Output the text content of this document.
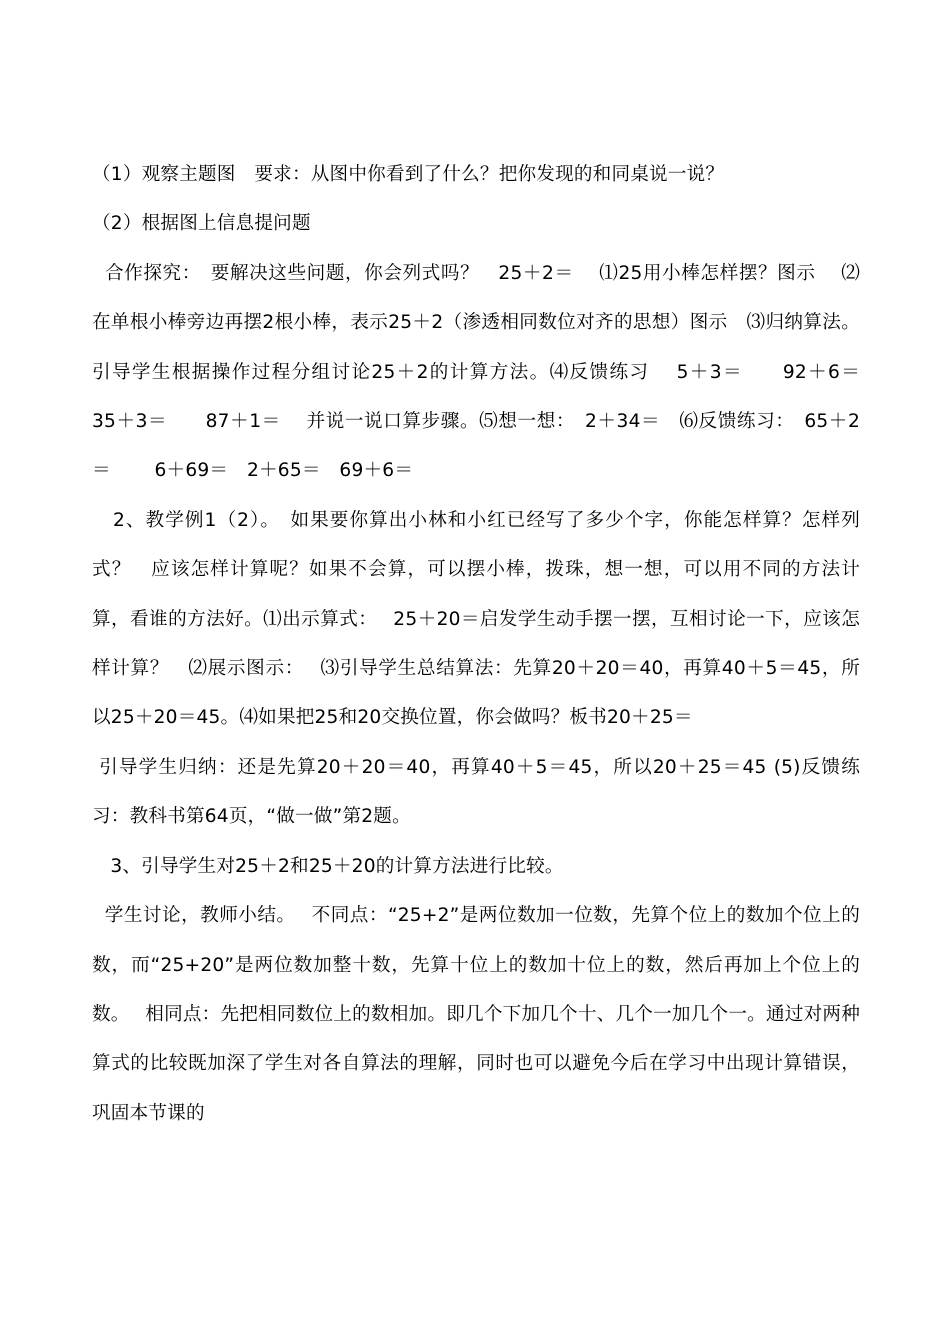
（1）观察主题图　要求：从图中你看到了什么？把你发现的和同桌说一说？

（2）根据图上信息提问题

合作探究：　要解决这些问题，你会列式吗？　25＋2＝　 ⑴25用小棒怎样摆？图示　 ⑵在单根小棒旁边再摆2根小棒，表示25＋2（渗透相同数位对齐的思想）图示　⑶归纳算法。引导学生根据操作过程分组讨论25＋2的计算方法。⑷反馈练习　 5＋3＝　　92＋6＝　　35＋3＝　　87＋1＝　 并说一说口算步骤。⑸想一想：　2＋34＝　⑹反馈练习：　65＋2＝　　 6＋69＝　2＋65＝　69＋6＝

2、教学例1（2）。　如果要你算出小林和小红已经写了多少个字，你能怎样算？怎样列式？　应该怎样计算呢？如果不会算，可以摆小棒，拨珠，想一想，可以用不同的方法计算，看谁的方法好。⑴出示算式：　 25＋20＝启发学生动手摆一摆，互相讨论一下，应该怎样计算？　⑵展示图示：　 ⑶引导学生总结算法：先算20＋20＝40，再算40＋5＝45，所以25＋20＝45。⑷如果把25和20交换位置，你会做吗？板书20＋25＝

引导学生归纳：还是先算20＋20＝40，再算40＋5＝45，所以20＋25＝45 (5)反馈练习：教科书第64页，“做一做”第2题。

3、引导学生对25＋2和25＋20的计算方法进行比较。

学生讨论，教师小结。　 不同点：“25+2”是两位数加一位数，先算个位上的数加个位上的数，而“25+20”是两位数加整十数，先算十位上的数加十位上的数，然后再加上个位上的数。　 相同点：先把相同数位上的数相加。即几个下加几个十、几个一加几个一。通过对两种算式的比较既加深了学生对各自算法的理解，同时也可以避免今后在学习中出现计算错误，巩固本节课的
